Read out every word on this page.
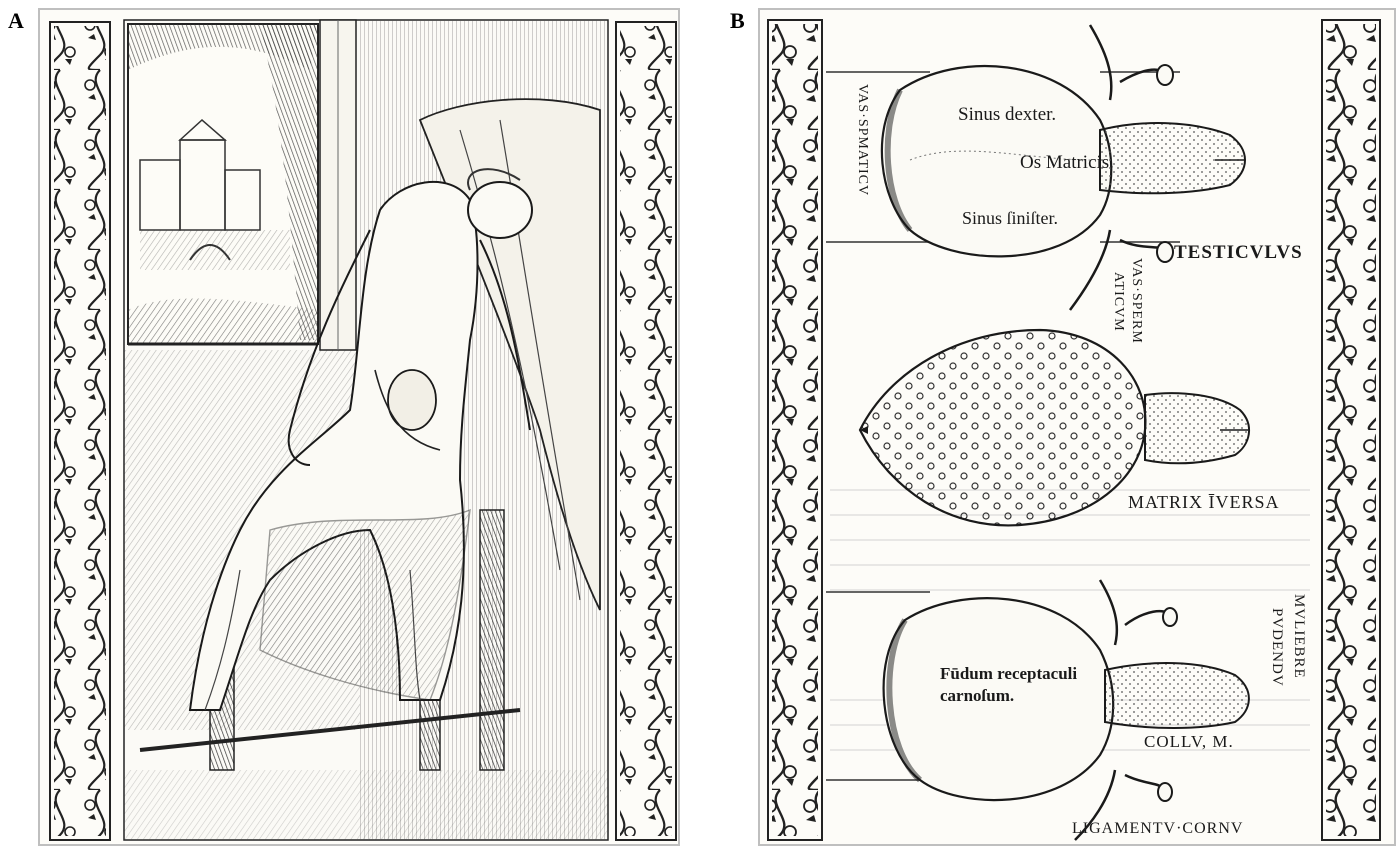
A	B
Sinus dexter.
Os Matricis.
Sinus ſiniſter.
VAS·SPMATICV
TESTICVLVS
VAS·SPERM
ATICVM
MATRIX ĪVERSA
PVDENDV MVLIEBRE
Fūdum receptaculi
carnoſum.
COLLV, M.
LIGAMENTV·CORNV
